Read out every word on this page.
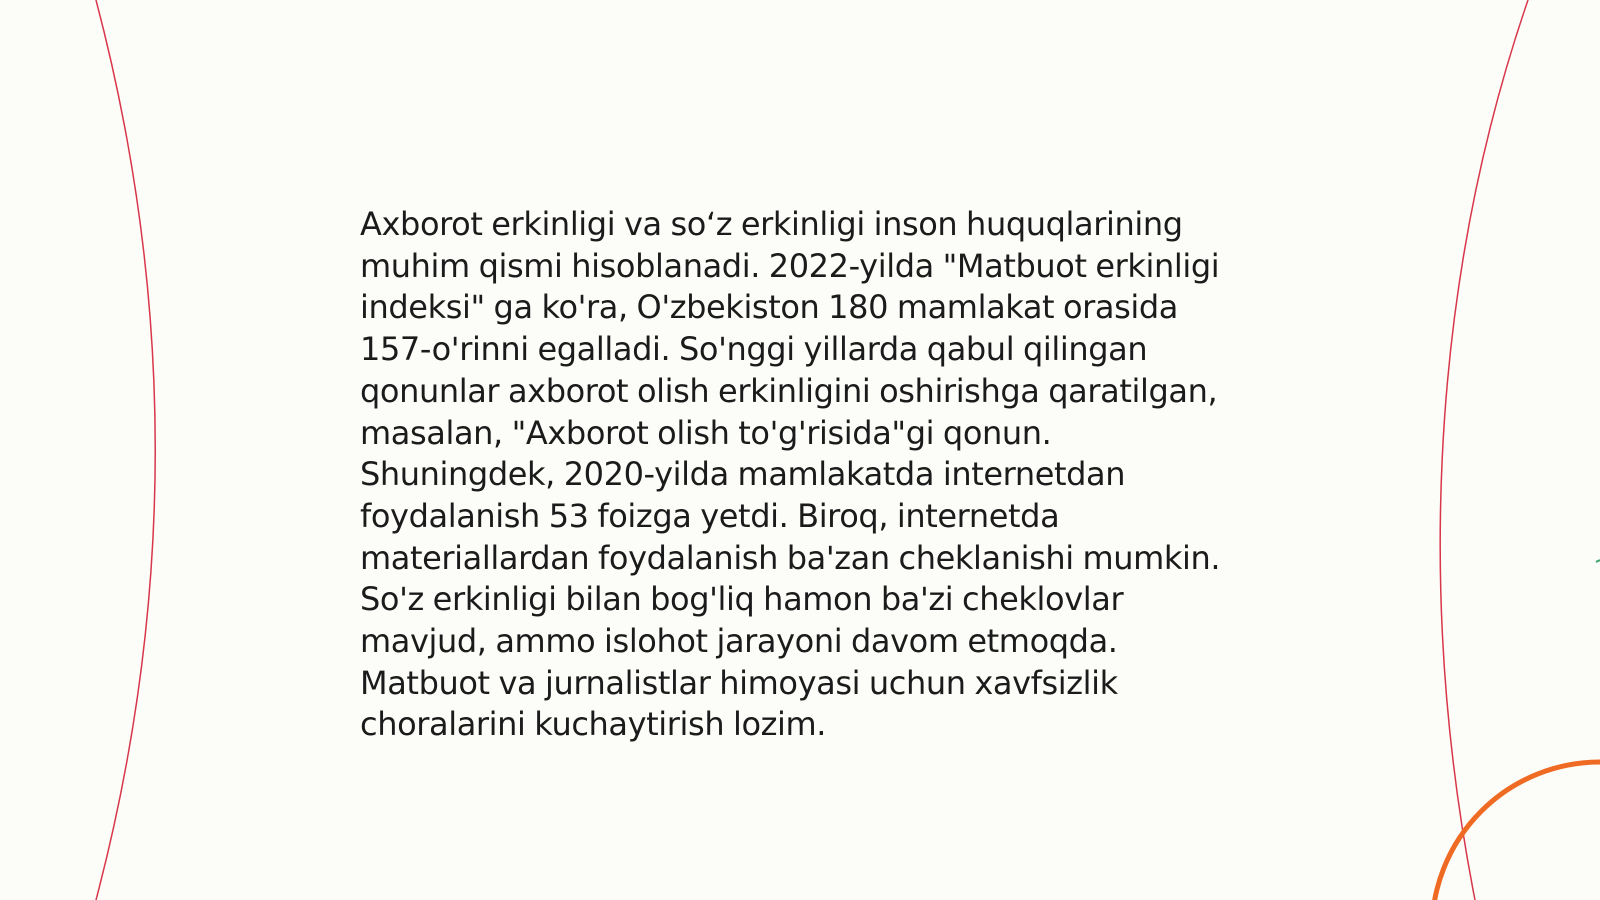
Axborot erkinligi va so‘z erkinligi inson huquqlarining muhim qismi hisoblanadi. 2022-yilda "Matbuot erkinligi indeksi" ga ko'ra, O'zbekiston 180 mamlakat orasida 157-o'rinni egalladi. So'nggi yillarda qabul qilingan qonunlar axborot olish erkinligini oshirishga qaratilgan, masalan, "Axborot olish to'g'risida"gi qonun. Shuningdek, 2020-yilda mamlakatda internetdan foydalanish 53 foizga yetdi. Biroq, internetda materiallardan foydalanish ba'zan cheklanishi mumkin. So'z erkinligi bilan bog'liq hamon ba'zi cheklovlar mavjud, ammo islohot jarayoni davom etmoqda. Matbuot va jurnalistlar himoyasi uchun xavfsizlik choralarini kuchaytirish lozim.
